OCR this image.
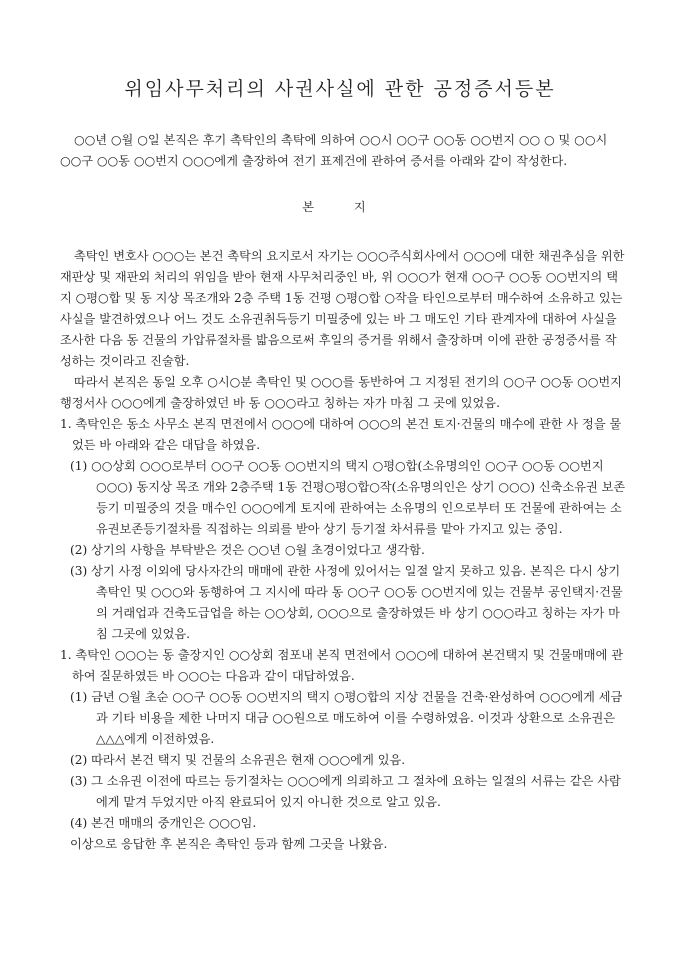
위임사무처리의 사권사실에 관한 공정증서등본

○○년 ○월 ○일 본직은 후기 촉탁인의 촉탁에 의하여 ○○시 ○○구 ○○동 ○○번지 ○○ ○ 및 ○○시 ○○구 ○○동 ○○번지 ○○○에게 출장하여 전기 표제건에 관하여 증서를 아래와 같이 작성한다.

본 지

촉탁인 변호사 ○○○는 본건 촉탁의 요지로서 자기는 ○○○주식회사에서 ○○○에 대한 채권추심을 위한 재판상 및 재판외 처리의 위임을 받아 현재 사무처리중인 바, 위 ○○○가 현재 ○○구 ○○동 ○○번지의 택지 ○평○합 및 동 지상 목조개와 2층 주택 1동 건평 ○평○합 ○작을 타인으로부터 매수하여 소유하고 있는 사실을 발견하였으나 어느 것도 소유권취득등기 미필중에 있는 바 그 매도인 기타 관계자에 대하여 사실을 조사한 다음 동 건물의 가압류절차를 밟음으로써 후일의 증거를 위해서 출장하며 이에 관한 공정증서를 작성하는 것이라고 진술함.

따라서 본직은 동일 오후 ○시○분 촉탁인 및 ○○○를 동반하여 그 지정된 전기의 ○○구 ○○동 ○○번지 행정서사 ○○○에게 출장하였던 바 동 ○○○라고 칭하는 자가 마침 그 곳에 있었음.

1. 촉탁인은 동소 사무소 본직 면전에서 ○○○에 대하여 ○○○의 본건 토지·건물의 매수에 관한 사 정을 물었든 바 아래와 같은 대답을 하였음.

(1) ○○상회 ○○○로부터 ○○구 ○○동 ○○번지의 택지 ○평○합(소유명의인 ○○구 ○○동 ○○번지 ○○○) 동지상 목조 개와 2층주택 1동 건평○평○합○작(소유명의인은 상기 ○○○) 신축소유권 보존등기 미필중의 것을 매수인 ○○○에게 토지에 관하여는 소유명의 인으로부터 또 건물에 관하여는 소유권보존등기절차를 직접하는 의뢰를 받아 상기 등기절 차서류를 맡아 가지고 있는 중임.

(2) 상기의 사항을 부탁받은 것은 ○○년 ○월 초경이었다고 생각함.

(3) 상기 사정 이외에 당사자간의 매매에 관한 사정에 있어서는 일절 알지 못하고 있음. 본직은 다시 상기 촉탁인 및 ○○○와 동행하여 그 지시에 따라 동 ○○구 ○○동 ○○번지에 있는 건물부 공인택지·건물의 거래업과 건축도급업을 하는 ○○상회, ○○○으로 출장하였든 바 상기 ○○○라고 칭하는 자가 마침 그곳에 있었음.

1. 촉탁인 ○○○는 동 출장지인 ○○상회 점포내 본직 면전에서 ○○○에 대하여 본건택지 및 건물매매에 관하여 질문하였든 바 ○○○는 다음과 같이 대답하였음.

(1) 금년 ○월 초순 ○○구 ○○동 ○○번지의 택지 ○평○합의 지상 건물을 건축·완성하여 ○○○에게 세금과 기타 비용을 제한 나머지 대금 ○○원으로 매도하여 이를 수령하였음. 이것과 상환으로 소유권은 △△△에게 이전하였음.

(2) 따라서 본건 택지 및 건물의 소유권은 현재 ○○○에게 있음.

(3) 그 소유권 이전에 따르는 등기절차는 ○○○에게 의뢰하고 그 절차에 요하는 일절의 서류는 같은 사람에게 맡겨 두었지만 아직 완료되어 있지 아니한 것으로 알고 있음.

(4) 본건 매매의 중개인은 ○○○임.

이상으로 응답한 후 본직은 촉탁인 등과 함께 그곳을 나왔음.
